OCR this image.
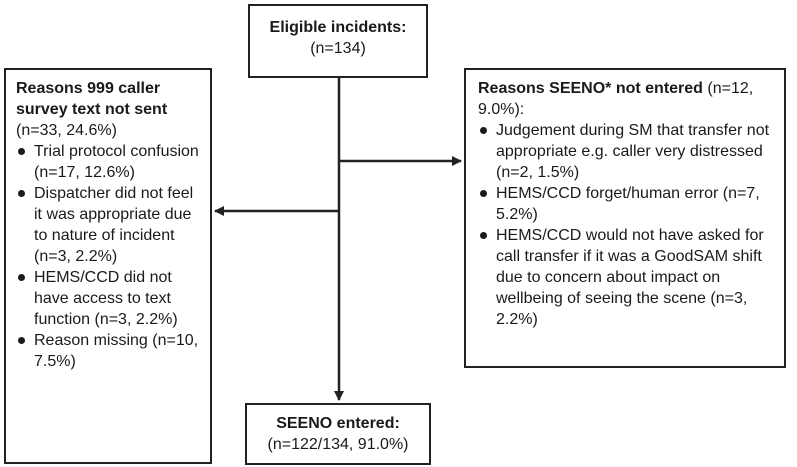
Eligible incidents:
(n=134)
Reasons 999 caller survey text not sent
(n=33, 24.6%)
Trial protocol confusion (n=17, 12.6%)
Dispatcher did not feel it was appropriate due to nature of incident (n=3, 2.2%)
HEMS/CCD did not have access to text function (n=3, 2.2%)
Reason missing (n=10, 7.5%)
Reasons SEENO* not entered (n=12, 9.0%):
Judgement during SM that transfer not appropriate e.g. caller very distressed (n=2, 1.5%)
HEMS/CCD forget/human error (n=7, 5.2%)
HEMS/CCD would not have asked for call transfer if it was a GoodSAM shift due to concern about impact on wellbeing of seeing the scene (n=3, 2.2%)
SEENO entered:
(n=122/134, 91.0%)
